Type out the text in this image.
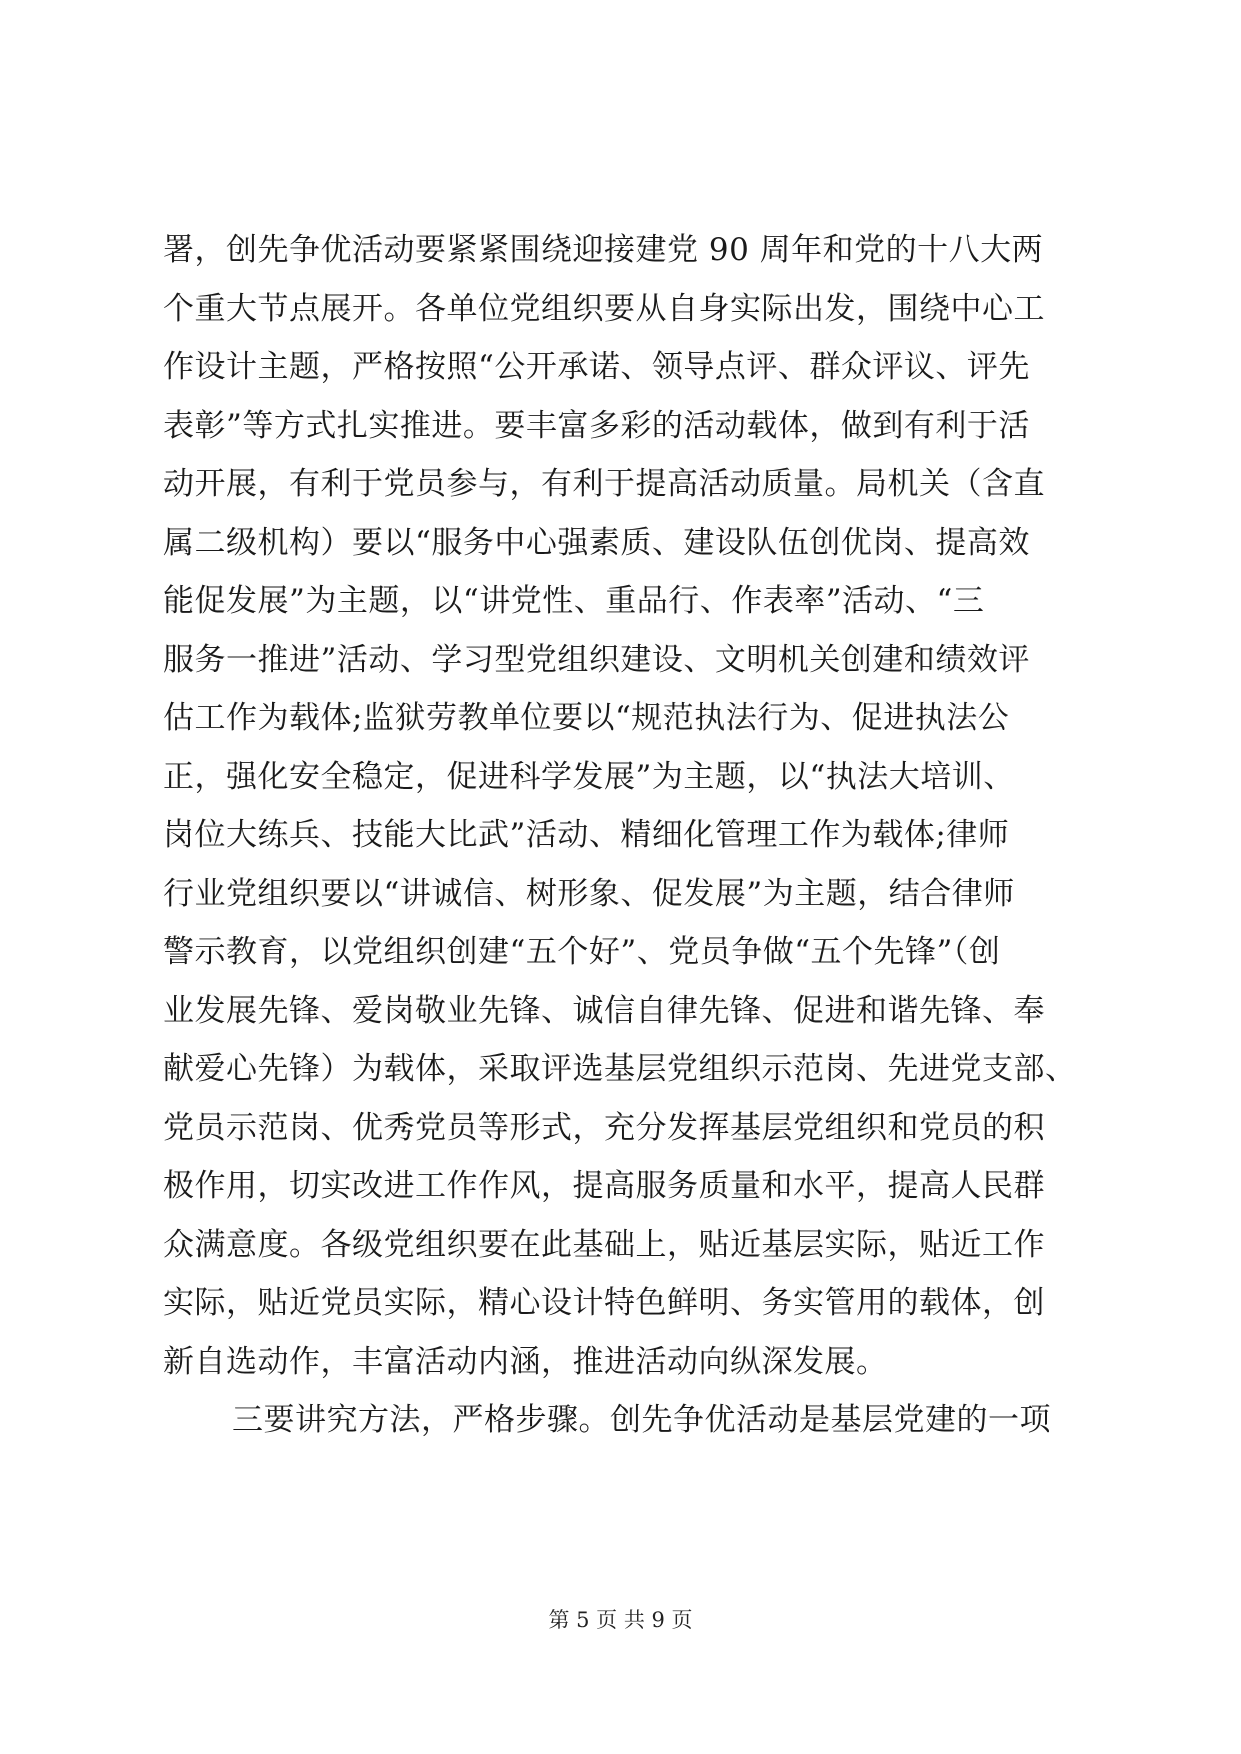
署，创先争优活动要紧紧围绕迎接建党 90 周年和党的十八大两
个重大节点展开。各单位党组织要从自身实际出发，围绕中心工
作设计主题，严格按照“公开承诺、领导点评、群众评议、评先
表彰”等方式扎实推进。要丰富多彩的活动载体，做到有利于活
动开展，有利于党员参与，有利于提高活动质量。局机关（含直
属二级机构）要以“服务中心强素质、建设队伍创优岗、提高效
能促发展”为主题，以“讲党性、重品行、作表率”活动、“三
服务一推进”活动、学习型党组织建设、文明机关创建和绩效评
估工作为载体;监狱劳教单位要以“规范执法行为、促进执法公
正，强化安全稳定，促进科学发展”为主题，以“执法大培训、
岗位大练兵、技能大比武”活动、精细化管理工作为载体;律师
行业党组织要以“讲诚信、树形象、促发展”为主题，结合律师
警示教育，以党组织创建“五个好”、党员争做“五个先锋”（创
业发展先锋、爱岗敬业先锋、诚信自律先锋、促进和谐先锋、奉
献爱心先锋）为载体，采取评选基层党组织示范岗、先进党支部、
党员示范岗、优秀党员等形式，充分发挥基层党组织和党员的积
极作用，切实改进工作作风，提高服务质量和水平，提高人民群
众满意度。各级党组织要在此基础上，贴近基层实际，贴近工作
实际，贴近党员实际，精心设计特色鲜明、务实管用的载体，创
新自选动作，丰富活动内涵，推进活动向纵深发展。
三要讲究方法，严格步骤。创先争优活动是基层党建的一项
第 5 页 共 9 页
